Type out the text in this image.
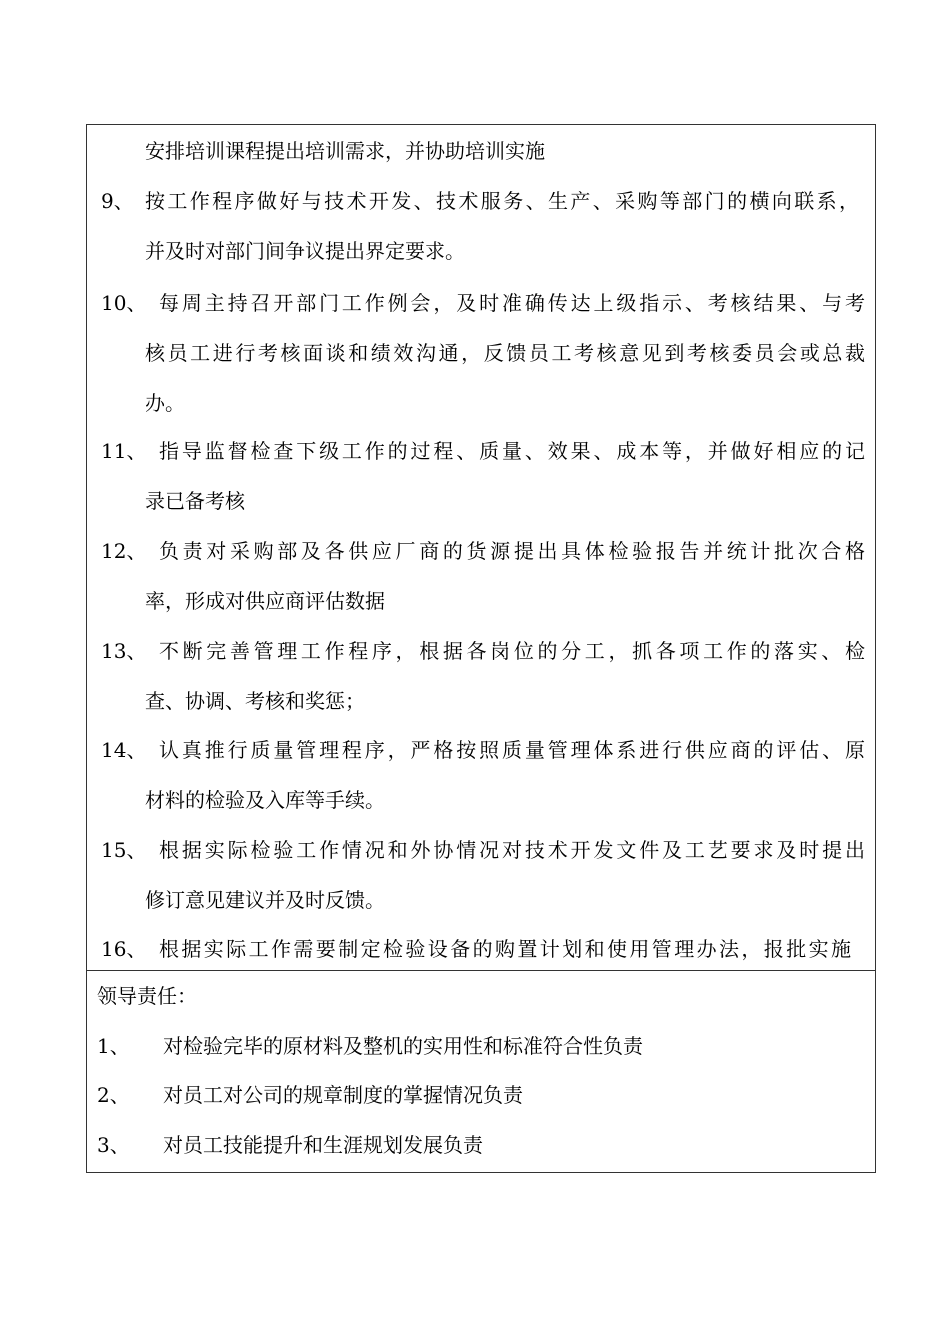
安排培训课程提出培训需求，并协助培训实施
9、 按工作程序做好与技术开发、技术服务、生产、采购等部门的横向联系，
并及时对部门间争议提出界定要求。
10、 每周主持召开部门工作例会，及时准确传达上级指示、考核结果、与考
核员工进行考核面谈和绩效沟通，反馈员工考核意见到考核委员会或总裁
办。
11、 指导监督检查下级工作的过程、质量、效果、成本等，并做好相应的记
录已备考核
12、 负责对采购部及各供应厂商的货源提出具体检验报告并统计批次合格
率，形成对供应商评估数据
13、 不断完善管理工作程序，根据各岗位的分工，抓各项工作的落实、检
查、协调、考核和奖惩；
14、 认真推行质量管理程序，严格按照质量管理体系进行供应商的评估、原
材料的检验及入库等手续。
15、 根据实际检验工作情况和外协情况对技术开发文件及工艺要求及时提出
修订意见建议并及时反馈。
16、 根据实际工作需要制定检验设备的购置计划和使用管理办法，报批实施
领导责任：
1、 对检验完毕的原材料及整机的实用性和标准符合性负责
2、 对员工对公司的规章制度的掌握情况负责
3、 对员工技能提升和生涯规划发展负责
